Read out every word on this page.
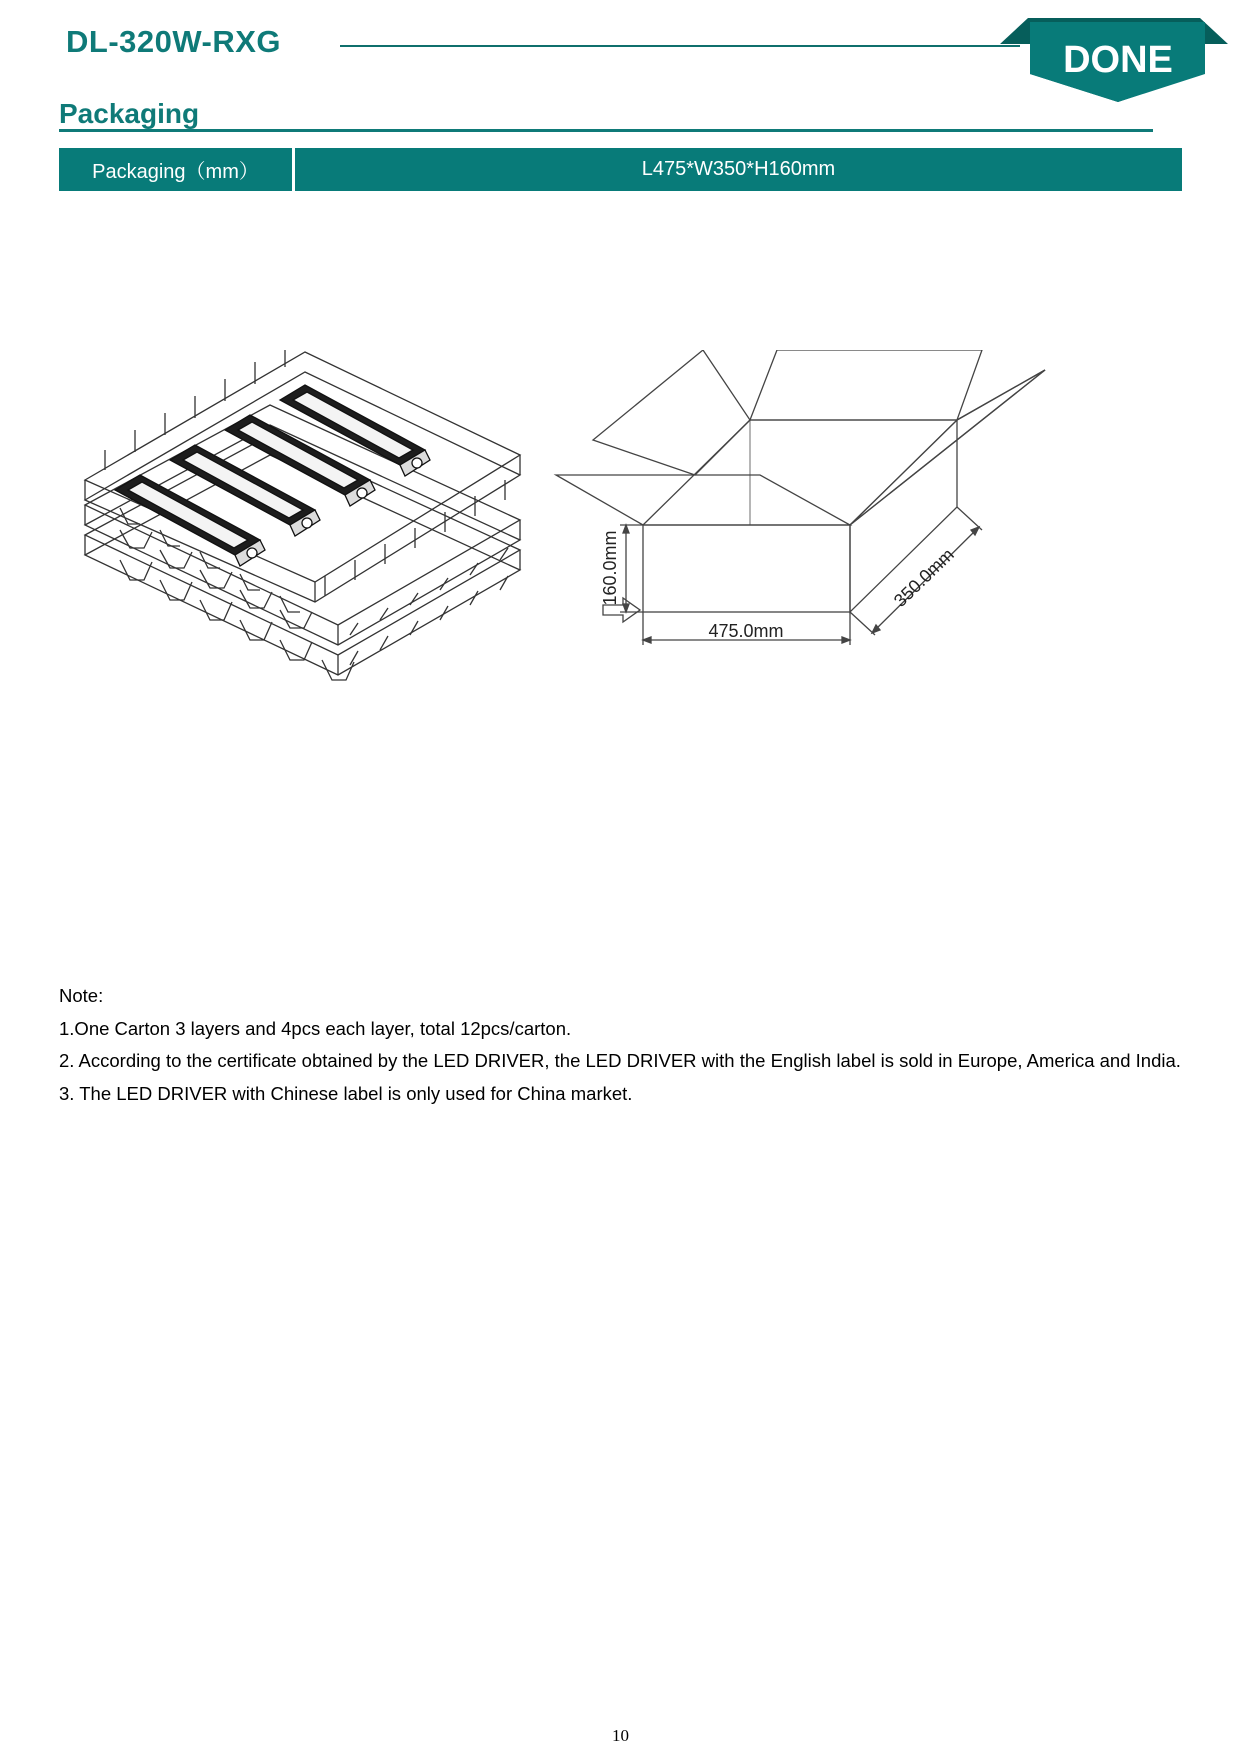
DL-320W-RXG	DONE
Packaging
Packaging（mm）	L475*W350*H160mm
160.0mm
475.0mm
350.0mm
Note:
1.One Carton 3 layers and 4pcs each layer, total 12pcs/carton.
2. According to the certificate obtained by the LED DRIVER, the LED DRIVER with the English label is sold in Europe, America and India.
3. The LED DRIVER with Chinese label is only used for China market.
10
